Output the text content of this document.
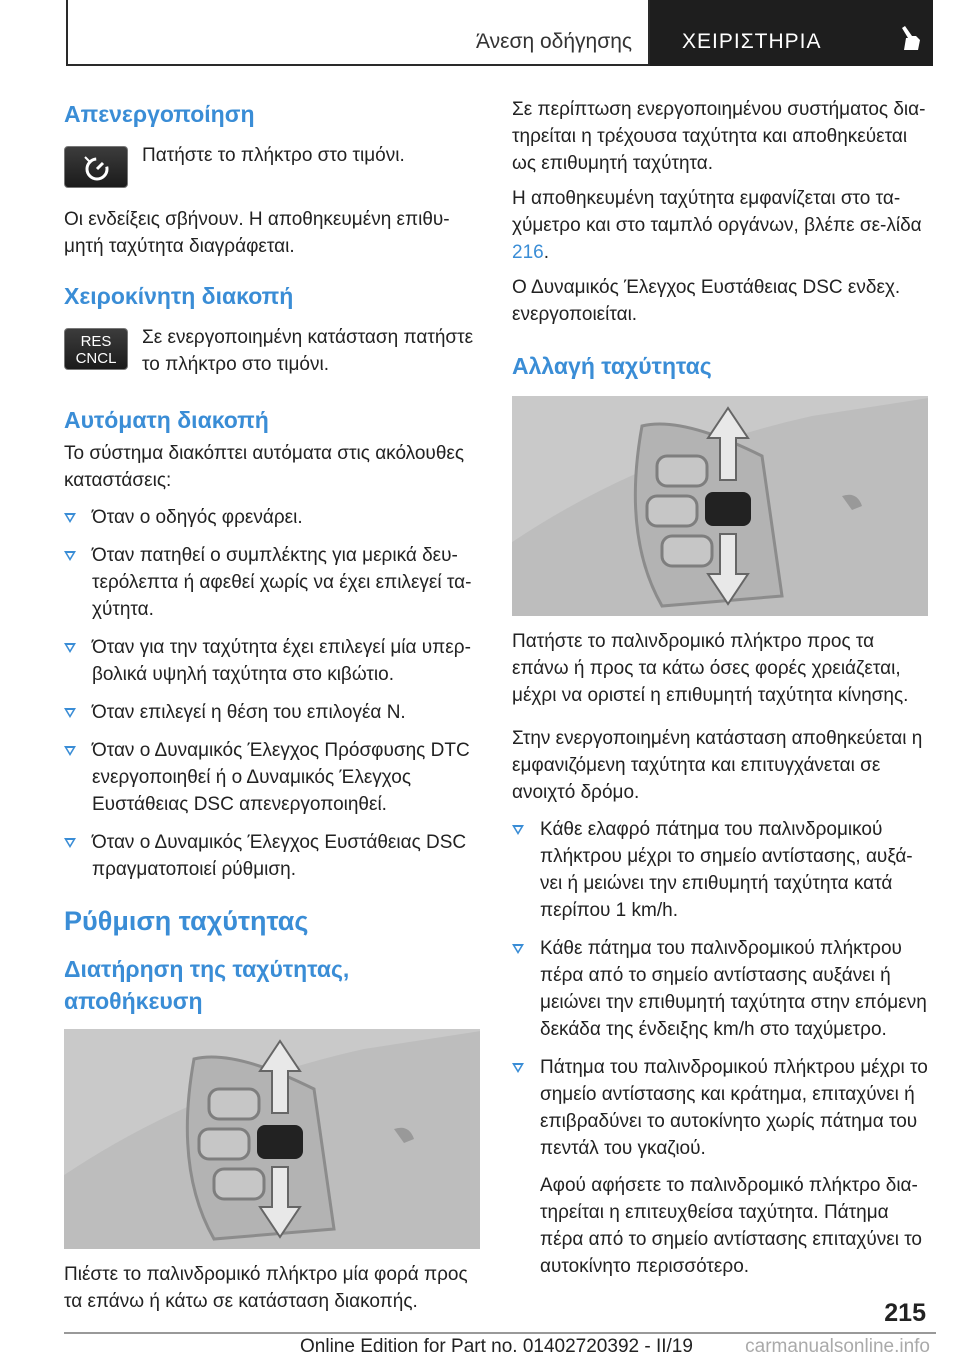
Άνεση οδήγησης ΧΕΙΡΙΣΤΗΡΙΑ
Απενεργοποίηση
Πατήστε το πλήκτρο στο τιμόνι.
Οι ενδείξεις σβήνουν. Η αποθηκευμένη επιθυ-μητή ταχύτητα διαγράφεται.
Χειροκίνητη διακοπή
RES
CNCL
Σε ενεργοποιημένη κατάσταση πατήστε το πλήκτρο στο τιμόνι.
Αυτόματη διακοπή
Το σύστημα διακόπτει αυτόματα στις ακόλουθες καταστάσεις:
Όταν ο οδηγός φρενάρει.
Όταν πατηθεί ο συμπλέκτης για μερικά δευ-τερόλεπτα ή αφεθεί χωρίς να έχει επιλεγεί τα-χύτητα.
Όταν για την ταχύτητα έχει επιλεγεί μία υπερ-βολικά υψηλή ταχύτητα στο κιβώτιο.
Όταν επιλεγεί η θέση του επιλογέα N.
Όταν ο Δυναμικός Έλεγχος Πρόσφυσης DTC ενεργοποιηθεί ή ο Δυναμικός Έλεγχος Ευστάθειας DSC απενεργοποιηθεί.
Όταν ο Δυναμικός Έλεγχος Ευστάθειας DSC πραγματοποιεί ρύθμιση.
Ρύθμιση ταχύτητας
Διατήρηση της ταχύτητας, αποθήκευση
Πιέστε το παλινδρομικό πλήκτρο μία φορά προς τα επάνω ή κάτω σε κατάσταση διακοπής.
Σε περίπτωση ενεργοποιημένου συστήματος δια-τηρείται η τρέχουσα ταχύτητα και αποθηκεύεται ως επιθυμητή ταχύτητα.
Η αποθηκευμένη ταχύτητα εμφανίζεται στο τα-χύμετρο και στο ταμπλό οργάνων, βλέπε σε-λίδα 216.
Ο Δυναμικός Έλεγχος Ευστάθειας DSC ενδεχ. ενεργοποιείται.
Αλλαγή ταχύτητας
Πατήστε το παλινδρομικό πλήκτρο προς τα επάνω ή προς τα κάτω όσες φορές χρειάζεται, μέχρι να οριστεί η επιθυμητή ταχύτητα κίνησης.
Στην ενεργοποιημένη κατάσταση αποθηκεύεται η εμφανιζόμενη ταχύτητα και επιτυγχάνεται σε ανοιχτό δρόμο.
Κάθε ελαφρό πάτημα του παλινδρομικού πλήκτρου μέχρι το σημείο αντίστασης, αυξά-νει ή μειώνει την επιθυμητή ταχύτητα κατά περίπου 1 km/h.
Κάθε πάτημα του παλινδρομικού πλήκτρου πέρα από το σημείο αντίστασης αυξάνει ή μειώνει την επιθυμητή ταχύτητα στην επόμενη δεκάδα της ένδειξης km/h στο ταχύμετρο.
Πάτημα του παλινδρομικού πλήκτρου μέχρι το σημείο αντίστασης και κράτημα, επιταχύνει ή επιβραδύνει το αυτοκίνητο χωρίς πάτημα του πεντάλ του γκαζιού.
Αφού αφήσετε το παλινδρομικό πλήκτρο δια-τηρείται η επιτευχθείσα ταχύτητα. Πάτημα πέρα από το σημείο αντίστασης επιταχύνει το αυτοκίνητο περισσότερο.
215
Online Edition for Part no. 01402720392 - II/19	carmanualsonline.info
